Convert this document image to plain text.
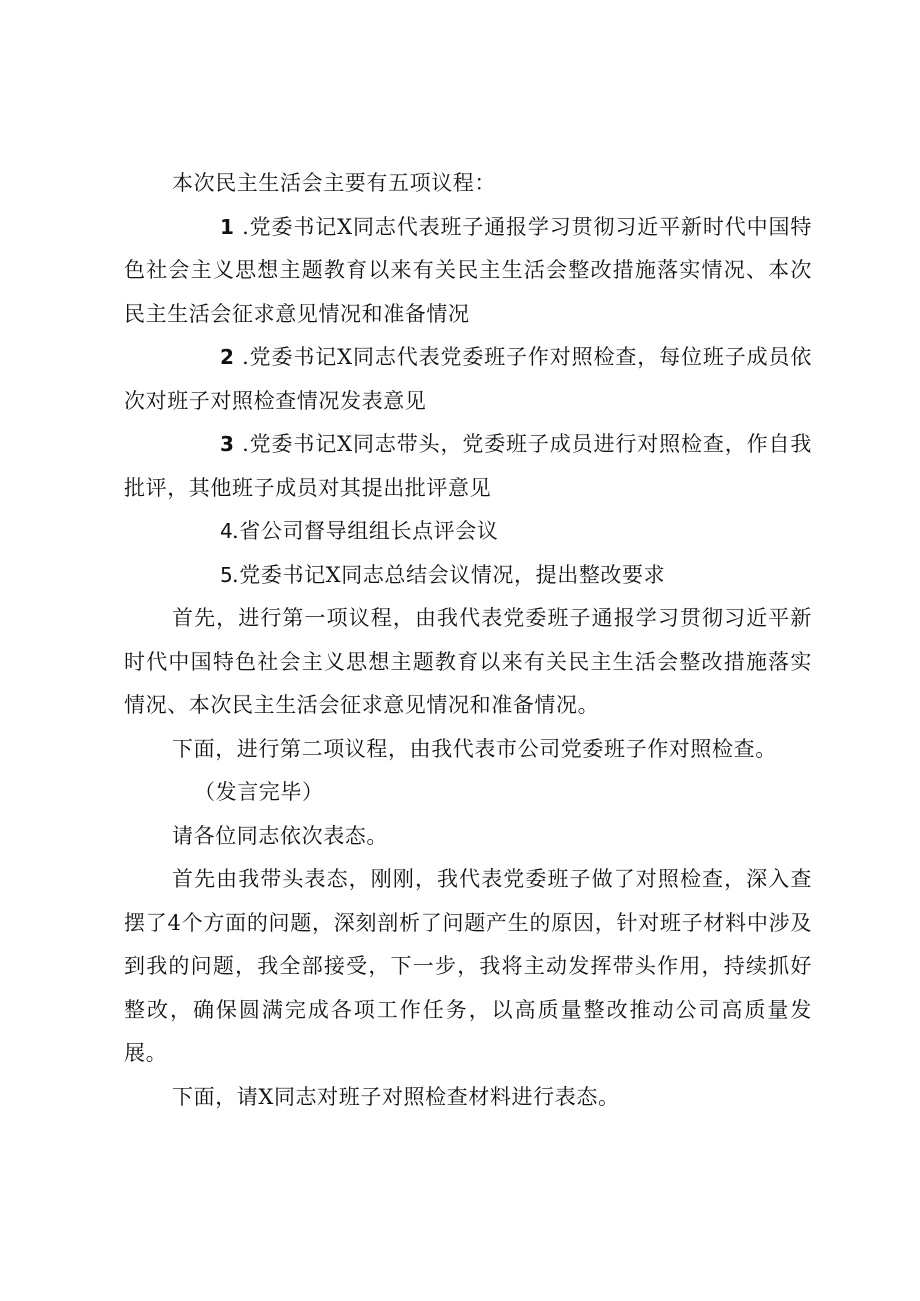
本次民主生活会主要有五项议程：

1 .党委书记X同志代表班子通报学习贯彻习近平新时代中国特色社会主义思想主题教育以来有关民主生活会整改措施落实情况、本次民主生活会征求意见情况和准备情况

2 .党委书记X同志代表党委班子作对照检查，每位班子成员依次对班子对照检查情况发表意见

3 .党委书记X同志带头，党委班子成员进行对照检查，作自我批评，其他班子成员对其提出批评意见

4.省公司督导组组长点评会议

5.党委书记X同志总结会议情况，提出整改要求

首先，进行第一项议程，由我代表党委班子通报学习贯彻习近平新时代中国特色社会主义思想主题教育以来有关民主生活会整改措施落实情况、本次民主生活会征求意见情况和准备情况。

下面，进行第二项议程，由我代表市公司党委班子作对照检查。

（发言完毕）

请各位同志依次表态。

首先由我带头表态，刚刚，我代表党委班子做了对照检查，深入查摆了4个方面的问题，深刻剖析了问题产生的原因，针对班子材料中涉及到我的问题，我全部接受，下一步，我将主动发挥带头作用，持续抓好整改，确保圆满完成各项工作任务，以高质量整改推动公司高质量发展。

下面，请X同志对班子对照检查材料进行表态。
